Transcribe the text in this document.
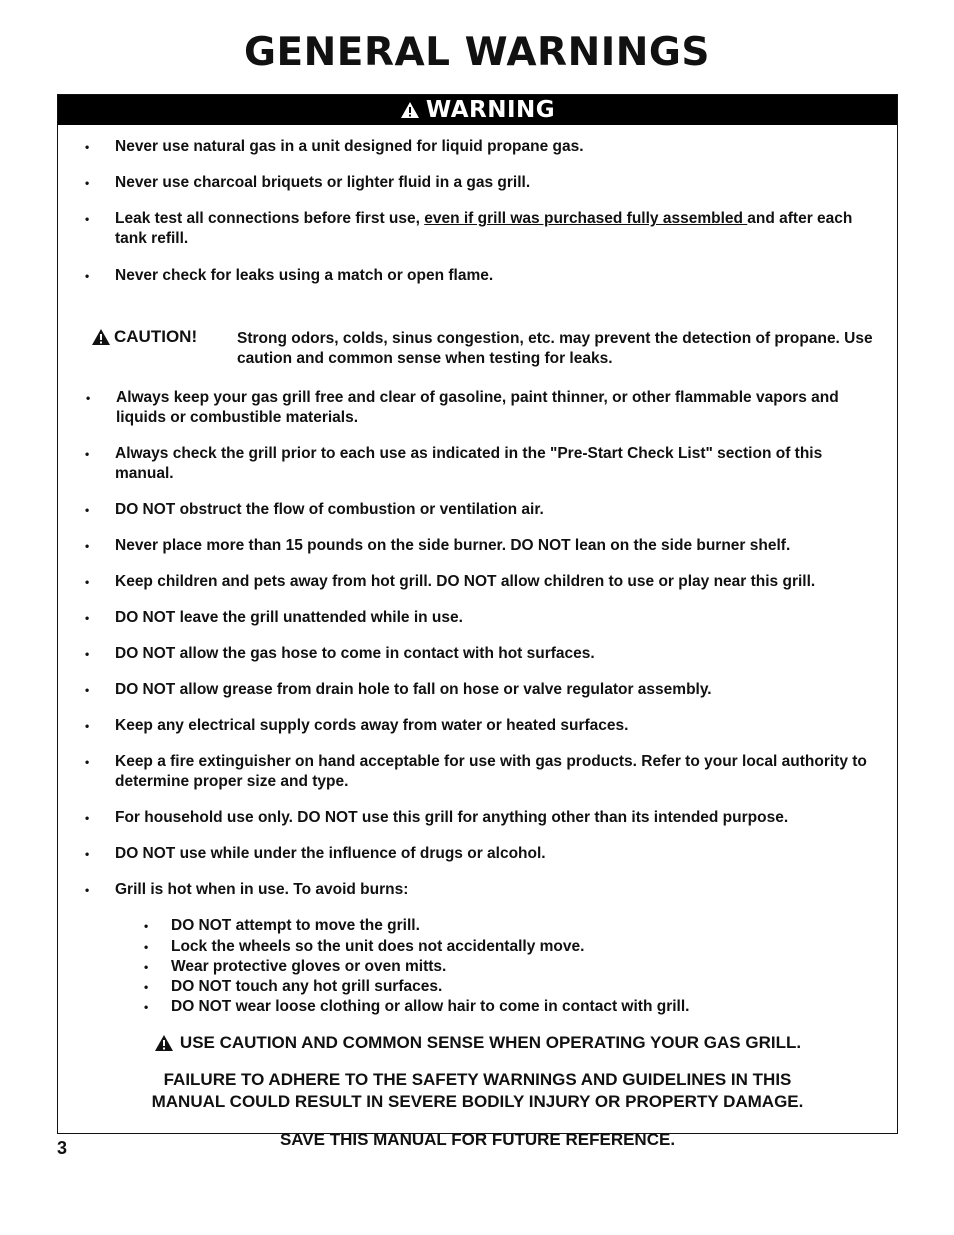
GENERAL WARNINGS
WARNING
•	Never use natural gas in a unit designed for liquid propane gas.
•	Never use charcoal briquets or lighter fluid in a gas grill.
•	Leak test all connections before first use, even if grill was purchased fully assembled and after each tank refill.
•	Never check for leaks using a match or open flame.
CAUTION!	Strong odors, colds, sinus congestion, etc. may prevent the detection of propane. Use caution and common sense when testing for leaks.
•	Always keep your gas grill free and clear of gasoline, paint thinner, or other flammable vapors and liquids or combustible materials.
•	Always check the grill prior to each use as indicated in the "Pre-Start Check List" section of this manual.
•	DO NOT obstruct the flow of combustion or ventilation air.
•	Never place more than 15 pounds on the side burner. DO NOT lean on the side burner shelf.
•	Keep children and pets away from hot grill. DO NOT allow children to use or play near this grill.
•	DO NOT leave the grill unattended while in use.
•	DO NOT allow the gas hose to come in contact with hot surfaces.
•	DO NOT allow grease from drain hole to fall on hose or valve regulator assembly.
•	Keep any electrical supply cords away from water or heated surfaces.
•	Keep a fire extinguisher on hand acceptable for use with gas products. Refer to your local authority to determine proper size and type.
•	For household use only. DO NOT use this grill for anything other than its intended purpose.
•	DO NOT use while under the influence of drugs or alcohol.
•	Grill is hot when in use. To avoid burns:
•	DO NOT attempt to move the grill.
•	Lock the wheels so the unit does not accidentally move.
•	Wear protective gloves or oven mitts.
•	DO NOT touch any hot grill surfaces.
•	DO NOT wear loose clothing or allow hair to come in contact with grill.
USE CAUTION AND COMMON SENSE WHEN OPERATING YOUR GAS GRILL.
FAILURE TO ADHERE TO THE SAFETY WARNINGS AND GUIDELINES IN THIS
MANUAL COULD RESULT IN SEVERE BODILY INJURY OR PROPERTY DAMAGE.
SAVE THIS MANUAL FOR FUTURE REFERENCE.
3
